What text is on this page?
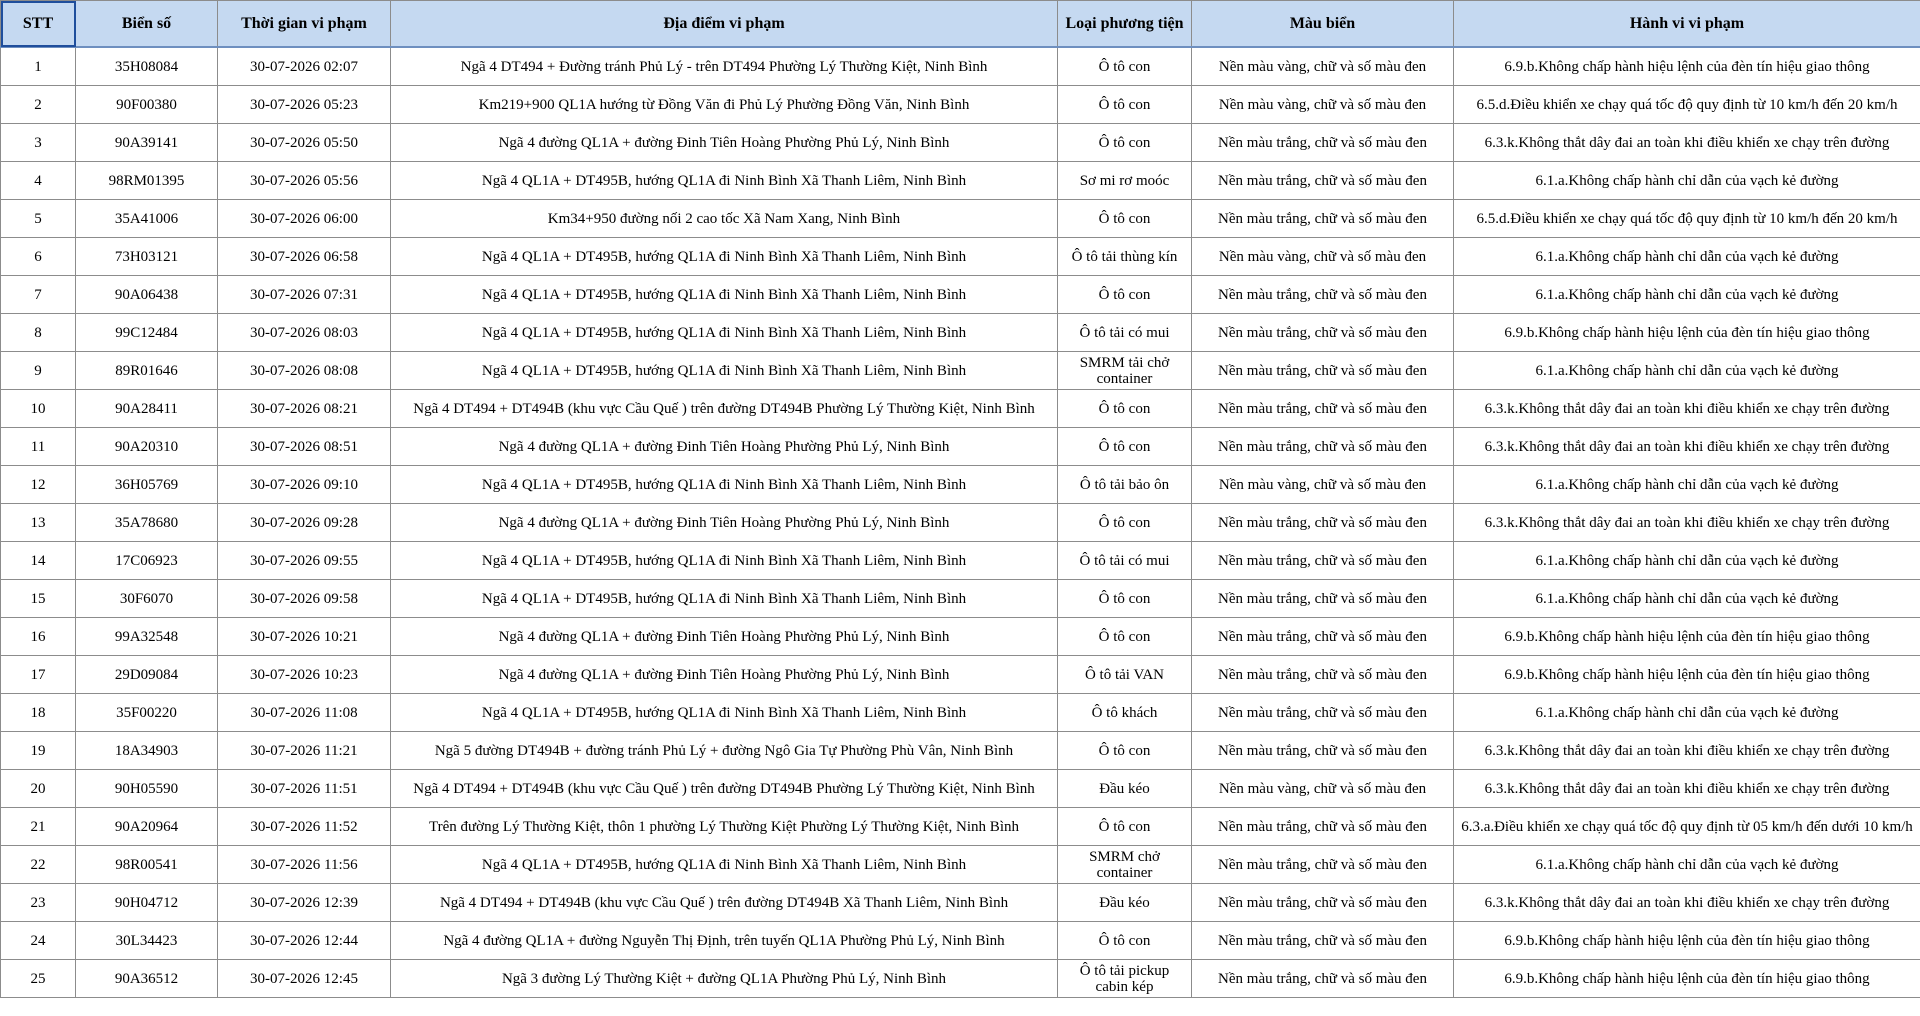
STT	Biển số	Thời gian vi phạm	Địa điểm vi phạm	Loại phương tiện	Màu biển	Hành vi vi phạm
1	35H08084	30-07-2026 02:07	Ngã 4 DT494 + Đường tránh Phủ Lý - trên DT494 Phường Lý Thường Kiệt, Ninh Bình	Ô tô con	Nền màu vàng, chữ và số màu đen	6.9.b.Không chấp hành hiệu lệnh của đèn tín hiệu giao thông
2	90F00380	30-07-2026 05:23	Km219+900 QL1A hướng từ Đồng Văn đi Phủ Lý Phường Đồng Văn, Ninh Bình	Ô tô con	Nền màu vàng, chữ và số màu đen	6.5.d.Điều khiển xe chạy quá tốc độ quy định từ 10 km/h đến 20 km/h
3	90A39141	30-07-2026 05:50	Ngã 4 đường QL1A + đường Đinh Tiên Hoàng Phường Phủ Lý, Ninh Bình	Ô tô con	Nền màu trắng, chữ và số màu đen	6.3.k.Không thắt dây đai an toàn khi điều khiển xe chạy trên đường
4	98RM01395	30-07-2026 05:56	Ngã 4 QL1A + DT495B, hướng QL1A đi Ninh Bình Xã Thanh Liêm, Ninh Bình	Sơ mi rơ moóc	Nền màu trắng, chữ và số màu đen	6.1.a.Không chấp hành chỉ dẫn của vạch kẻ đường
5	35A41006	30-07-2026 06:00	Km34+950 đường nối 2 cao tốc Xã Nam Xang, Ninh Bình	Ô tô con	Nền màu trắng, chữ và số màu đen	6.5.d.Điều khiển xe chạy quá tốc độ quy định từ 10 km/h đến 20 km/h
6	73H03121	30-07-2026 06:58	Ngã 4 QL1A + DT495B, hướng QL1A đi Ninh Bình Xã Thanh Liêm, Ninh Bình	Ô tô tải thùng kín	Nền màu vàng, chữ và số màu đen	6.1.a.Không chấp hành chỉ dẫn của vạch kẻ đường
7	90A06438	30-07-2026 07:31	Ngã 4 QL1A + DT495B, hướng QL1A đi Ninh Bình Xã Thanh Liêm, Ninh Bình	Ô tô con	Nền màu trắng, chữ và số màu đen	6.1.a.Không chấp hành chỉ dẫn của vạch kẻ đường
8	99C12484	30-07-2026 08:03	Ngã 4 QL1A + DT495B, hướng QL1A đi Ninh Bình Xã Thanh Liêm, Ninh Bình	Ô tô tải có mui	Nền màu trắng, chữ và số màu đen	6.9.b.Không chấp hành hiệu lệnh của đèn tín hiệu giao thông
9	89R01646	30-07-2026 08:08	Ngã 4 QL1A + DT495B, hướng QL1A đi Ninh Bình Xã Thanh Liêm, Ninh Bình	SMRM tải chở container	Nền màu trắng, chữ và số màu đen	6.1.a.Không chấp hành chỉ dẫn của vạch kẻ đường
10	90A28411	30-07-2026 08:21	Ngã 4 DT494 + DT494B (khu vực Cầu Quế ) trên đường DT494B Phường Lý Thường Kiệt, Ninh Bình	Ô tô con	Nền màu trắng, chữ và số màu đen	6.3.k.Không thắt dây đai an toàn khi điều khiển xe chạy trên đường
11	90A20310	30-07-2026 08:51	Ngã 4 đường QL1A + đường Đinh Tiên Hoàng Phường Phủ Lý, Ninh Bình	Ô tô con	Nền màu trắng, chữ và số màu đen	6.3.k.Không thắt dây đai an toàn khi điều khiển xe chạy trên đường
12	36H05769	30-07-2026 09:10	Ngã 4 QL1A + DT495B, hướng QL1A đi Ninh Bình Xã Thanh Liêm, Ninh Bình	Ô tô tải bảo ôn	Nền màu vàng, chữ và số màu đen	6.1.a.Không chấp hành chỉ dẫn của vạch kẻ đường
13	35A78680	30-07-2026 09:28	Ngã 4 đường QL1A + đường Đinh Tiên Hoàng Phường Phủ Lý, Ninh Bình	Ô tô con	Nền màu trắng, chữ và số màu đen	6.3.k.Không thắt dây đai an toàn khi điều khiển xe chạy trên đường
14	17C06923	30-07-2026 09:55	Ngã 4 QL1A + DT495B, hướng QL1A đi Ninh Bình Xã Thanh Liêm, Ninh Bình	Ô tô tải có mui	Nền màu trắng, chữ và số màu đen	6.1.a.Không chấp hành chỉ dẫn của vạch kẻ đường
15	30F6070	30-07-2026 09:58	Ngã 4 QL1A + DT495B, hướng QL1A đi Ninh Bình Xã Thanh Liêm, Ninh Bình	Ô tô con	Nền màu trắng, chữ và số màu đen	6.1.a.Không chấp hành chỉ dẫn của vạch kẻ đường
16	99A32548	30-07-2026 10:21	Ngã 4 đường QL1A + đường Đinh Tiên Hoàng Phường Phủ Lý, Ninh Bình	Ô tô con	Nền màu trắng, chữ và số màu đen	6.9.b.Không chấp hành hiệu lệnh của đèn tín hiệu giao thông
17	29D09084	30-07-2026 10:23	Ngã 4 đường QL1A + đường Đinh Tiên Hoàng Phường Phủ Lý, Ninh Bình	Ô tô tải VAN	Nền màu trắng, chữ và số màu đen	6.9.b.Không chấp hành hiệu lệnh của đèn tín hiệu giao thông
18	35F00220	30-07-2026 11:08	Ngã 4 QL1A + DT495B, hướng QL1A đi Ninh Bình Xã Thanh Liêm, Ninh Bình	Ô tô khách	Nền màu trắng, chữ và số màu đen	6.1.a.Không chấp hành chỉ dẫn của vạch kẻ đường
19	18A34903	30-07-2026 11:21	Ngã 5 đường DT494B + đường tránh Phủ Lý + đường Ngô Gia Tự Phường Phù Vân, Ninh Bình	Ô tô con	Nền màu trắng, chữ và số màu đen	6.3.k.Không thắt dây đai an toàn khi điều khiển xe chạy trên đường
20	90H05590	30-07-2026 11:51	Ngã 4 DT494 + DT494B (khu vực Cầu Quế ) trên đường DT494B Phường Lý Thường Kiệt, Ninh Bình	Đầu kéo	Nền màu vàng, chữ và số màu đen	6.3.k.Không thắt dây đai an toàn khi điều khiển xe chạy trên đường
21	90A20964	30-07-2026 11:52	Trên đường Lý Thường Kiệt, thôn 1 phường Lý Thường Kiệt Phường Lý Thường Kiệt, Ninh Bình	Ô tô con	Nền màu trắng, chữ và số màu đen	6.3.a.Điều khiển xe chạy quá tốc độ quy định từ 05 km/h đến dưới 10 km/h
22	98R00541	30-07-2026 11:56	Ngã 4 QL1A + DT495B, hướng QL1A đi Ninh Bình Xã Thanh Liêm, Ninh Bình	SMRM chở container	Nền màu trắng, chữ và số màu đen	6.1.a.Không chấp hành chỉ dẫn của vạch kẻ đường
23	90H04712	30-07-2026 12:39	Ngã 4 DT494 + DT494B (khu vực Cầu Quế ) trên đường DT494B Xã Thanh Liêm, Ninh Bình	Đầu kéo	Nền màu trắng, chữ và số màu đen	6.3.k.Không thắt dây đai an toàn khi điều khiển xe chạy trên đường
24	30L34423	30-07-2026 12:44	Ngã 4 đường QL1A + đường Nguyễn Thị Định, trên tuyến QL1A Phường Phủ Lý, Ninh Bình	Ô tô con	Nền màu trắng, chữ và số màu đen	6.9.b.Không chấp hành hiệu lệnh của đèn tín hiệu giao thông
25	90A36512	30-07-2026 12:45	Ngã 3 đường Lý Thường Kiệt + đường QL1A Phường Phủ Lý, Ninh Bình	Ô tô tải pickup cabin kép	Nền màu trắng, chữ và số màu đen	6.9.b.Không chấp hành hiệu lệnh của đèn tín hiệu giao thông
